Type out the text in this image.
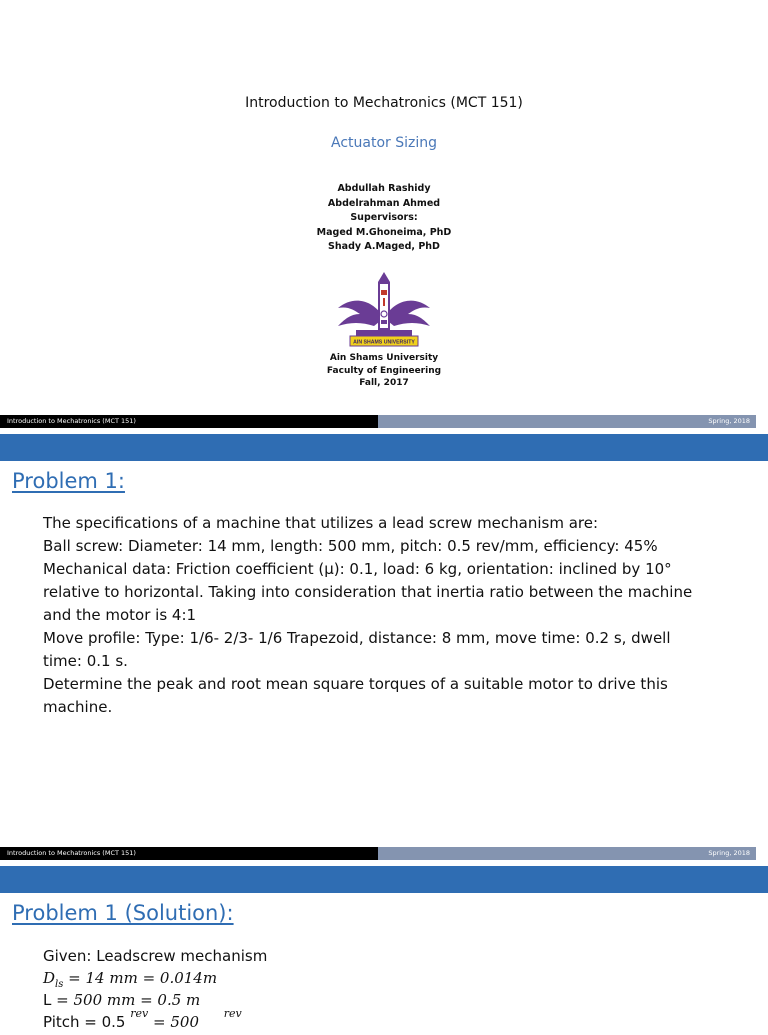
Introduction to Mechatronics (MCT 151)
Actuator Sizing
Abdullah Rashidy
Abdelrahman Ahmed
Supervisors:
Maged M.Ghoneima, PhD
Shady A.Maged, PhD
AIN SHAMS UNIVERSITY
Ain Shams University
Faculty of Engineering
Fall, 2017
Introduction to Mechatronics (MCT 151)	Spring, 2018
Problem 1:
The specifications of a machine that utilizes a lead screw mechanism are:
Ball screw: Diameter: 14 mm, length: 500 mm, pitch: 0.5 rev/mm, efficiency: 45%
Mechanical data: Friction coefficient (μ): 0.1, load: 6 kg, orientation: inclined by 10°
relative to horizontal. Taking into consideration that inertia ratio between the machine
and the motor is 4:1
Move profile: Type: 1/6- 2/3- 1/6 Trapezoid, distance: 8 mm, move time: 0.2 s, dwell
time: 0.1 s.
Determine the peak and root mean square torques of a suitable motor to drive this
machine.
Introduction to Mechatronics (MCT 151)	Spring, 2018
Problem 1 (Solution):
Given: Leadscrew mechanism
$D_{ls} = 14$ mm = 0.014m
L = 500 mm = 0.5 m
Pitch = 0.5 $^{rev}$ = 500 $^{rev}$
